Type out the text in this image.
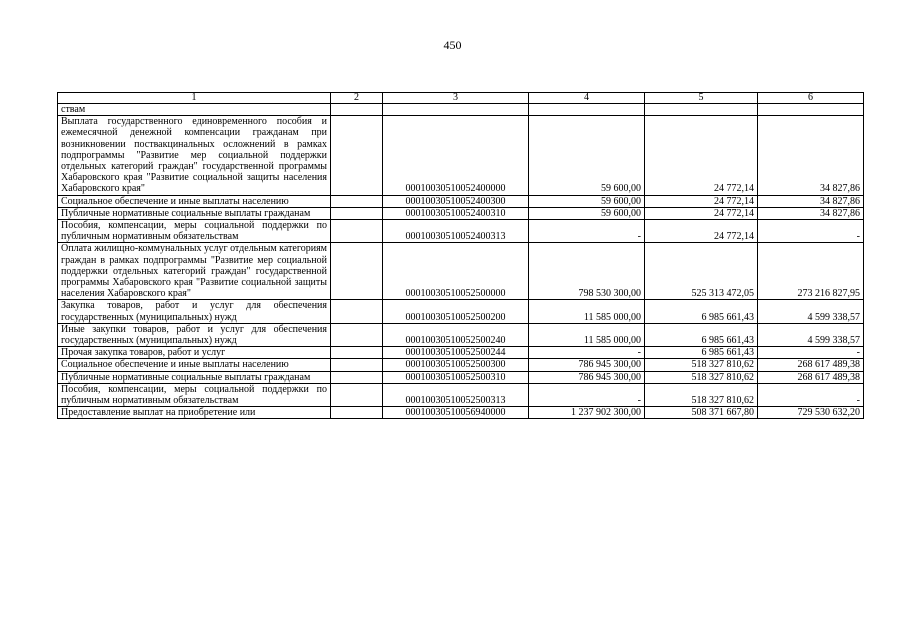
450
1	2	3	4	5	6
ствам					
Выплата государственного единовременного пособия и ежемесячной денежной компенсации гражданам при возникновении поствакцинальных осложнений в рамках подпрограммы "Развитие мер социальной поддержки отдельных категорий граждан" государственной программы Хабаровского края "Развитие социальной защиты населения Хабаровского края"		00010030510052400000	59 600,00	24 772,14	34 827,86
Социальное обеспечение и иные выплаты населению		00010030510052400300	59 600,00	24 772,14	34 827,86
Публичные нормативные социальные выплаты гражданам		00010030510052400310	59 600,00	24 772,14	34 827,86
Пособия, компенсации, меры социальной поддержки по публичным нормативным обязательствам		00010030510052400313	-	24 772,14	-
Оплата жилищно-коммунальных услуг отдельным категориям граждан в рамках подпрограммы "Развитие мер социальной поддержки отдельных категорий граждан" государственной программы Хабаровского края "Развитие социальной защиты населения Хабаровского края"		00010030510052500000	798 530 300,00	525 313 472,05	273 216 827,95
Закупка товаров, работ и услуг для обеспечения государственных (муниципальных) нужд		00010030510052500200	11 585 000,00	6 985 661,43	4 599 338,57
Иные закупки товаров, работ и услуг для обеспечения государственных (муниципальных) нужд		00010030510052500240	11 585 000,00	6 985 661,43	4 599 338,57
Прочая закупка товаров, работ и услуг		00010030510052500244	-	6 985 661,43	-
Социальное обеспечение и иные выплаты населению		00010030510052500300	786 945 300,00	518 327 810,62	268 617 489,38
Публичные нормативные социальные выплаты гражданам		00010030510052500310	786 945 300,00	518 327 810,62	268 617 489,38
Пособия, компенсации, меры социальной поддержки по публичным нормативным обязательствам		00010030510052500313	-	518 327 810,62	-
Предоставление выплат на приобретение или		00010030510056940000	1 237 902 300,00	508 371 667,80	729 530 632,20
